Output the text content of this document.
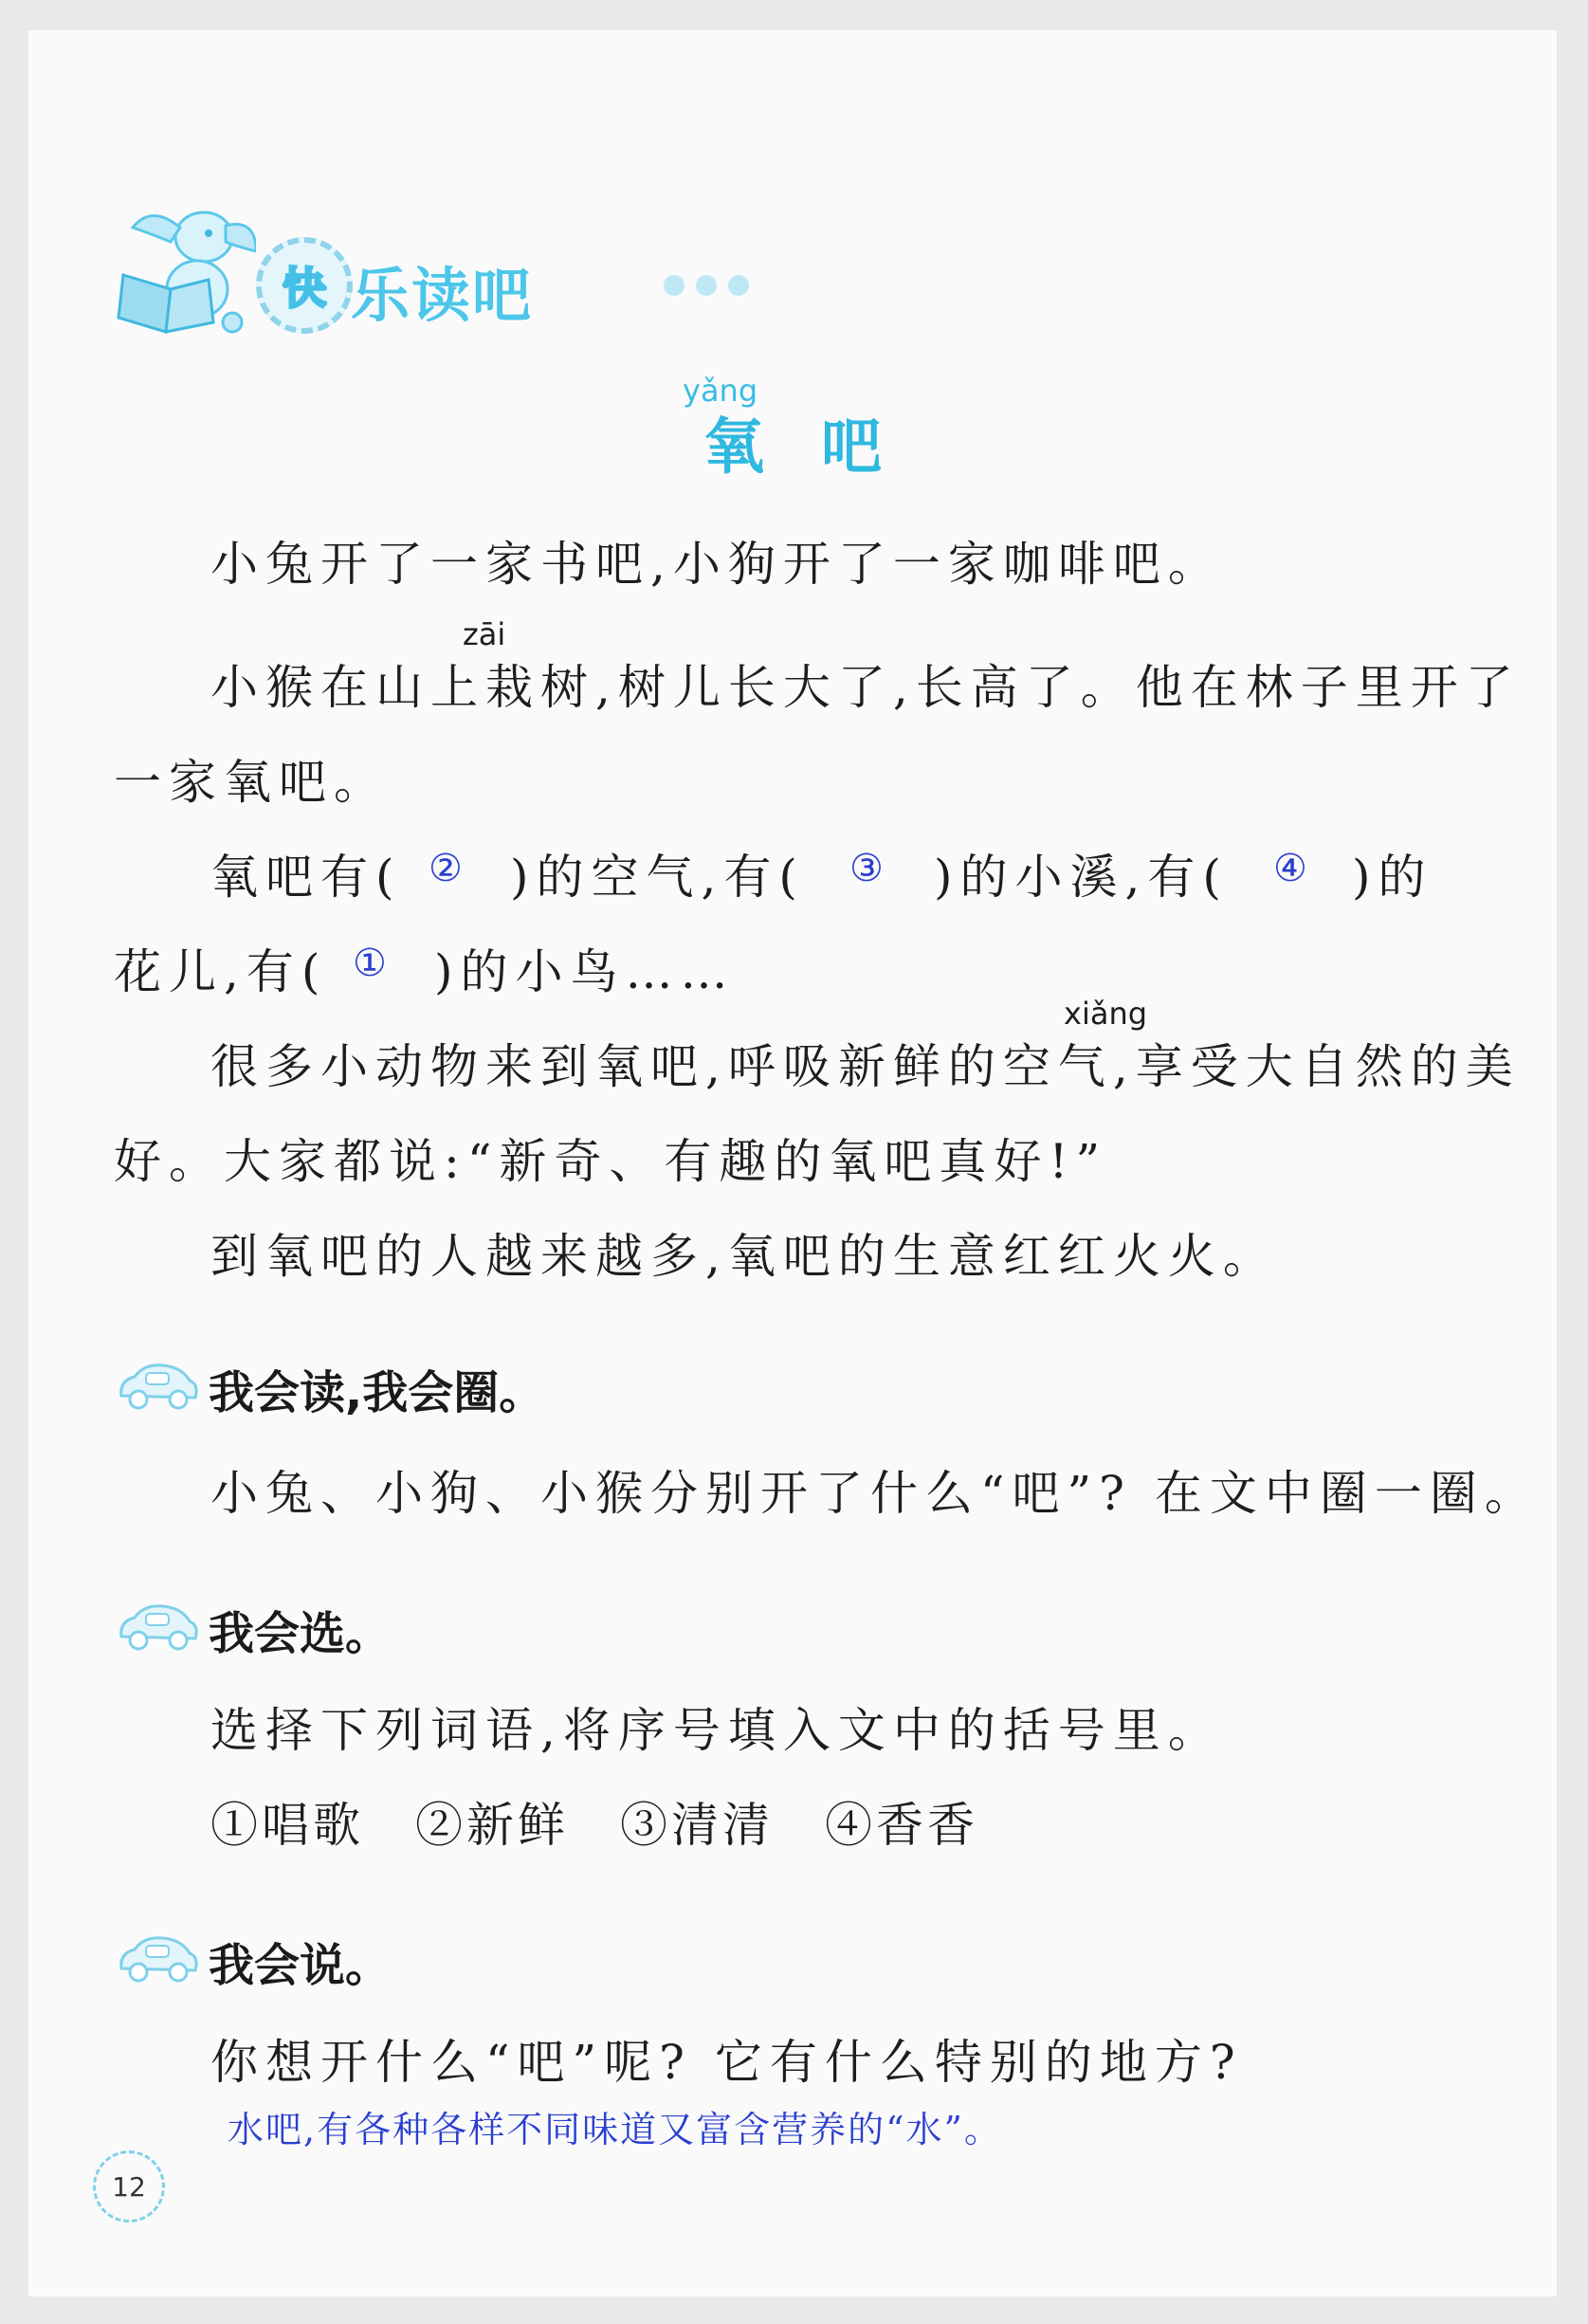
快 乐读吧
yǎng
氧吧
小兔开了一家书吧,小狗开了一家咖啡吧。
zāi
小猴在山上栽树,树儿长大了,长高了。他在林子里开了
一家氧吧。
氧吧有( ② )的空气,有( ③ )的小溪,有( ④ )的
花儿,有( ① )的小鸟……
xiǎng
很多小动物来到氧吧,呼吸新鲜的空气,享受大自然的美
好。大家都说:“新奇、有趣的氧吧真好!”
到氧吧的人越来越多,氧吧的生意红红火火。
我会读,我会圈。
小兔、小狗、小猴分别开了什么“吧”? 在文中圈一圈。
我会选。
选择下列词语,将序号填入文中的括号里。
①唱歌　②新鲜　③清清　④香香
我会说。
你想开什么“吧”呢? 它有什么特别的地方?
水吧,有各种各样不同味道又富含营养的“水”。
12
